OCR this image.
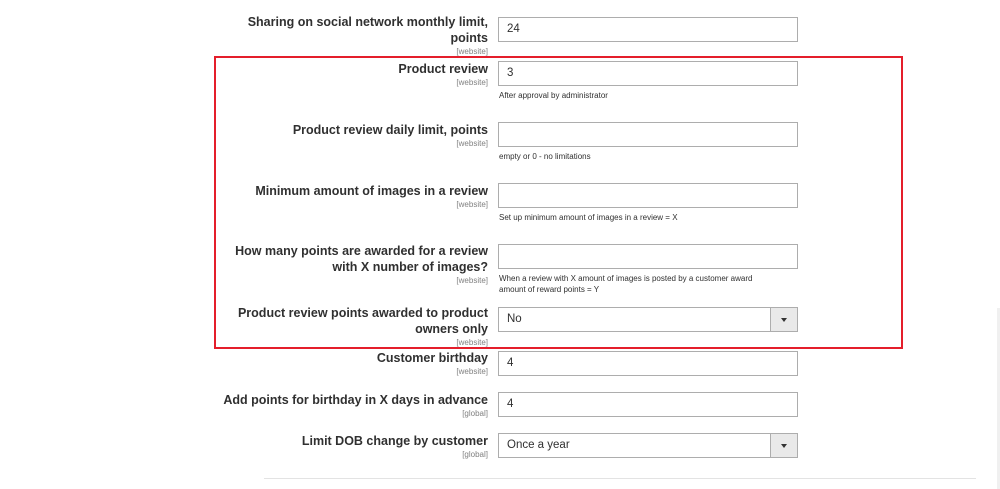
Sharing on social network monthly limit,
points
[website]
24
Product review
[website]
3
After approval by administrator
Product review daily limit, points
[website]
empty or 0 - no limitations
Minimum amount of images in a review
[website]
Set up minimum amount of images in a review = X
How many points are awarded for a review
with X number of images?
[website] When a review with X amount of images is posted by a customer award
amount of reward points = Y
Product review points awarded to product
owners only
[website]
No
Customer birthday
[website]
4
Add points for birthday in X days in advance
[global]
4
Limit DOB change by customer
[global]
Once a year
